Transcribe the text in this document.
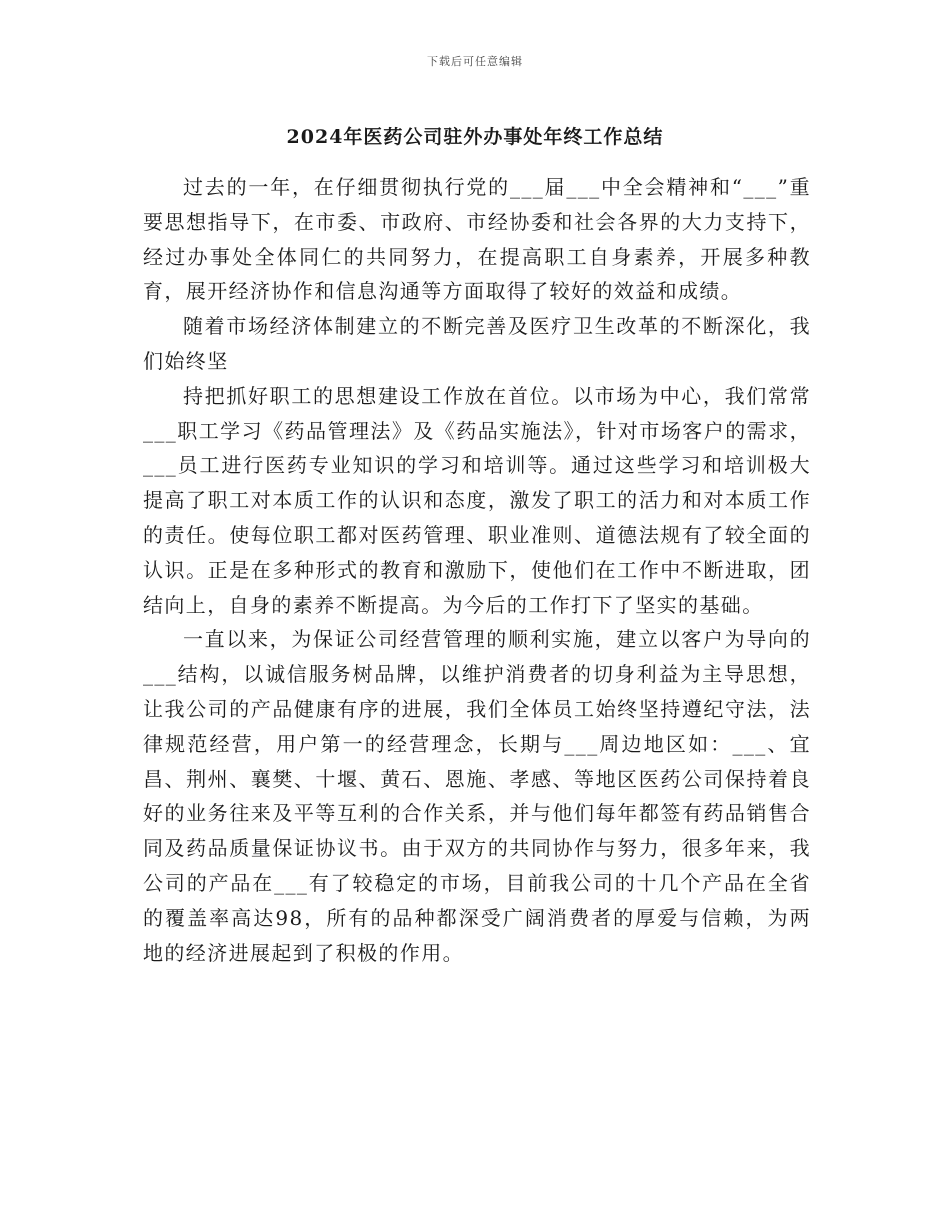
下载后可任意编辑
2024年医药公司驻外办事处年终工作总结

过去的一年，在仔细贯彻执行党的___届___中全会精神和“___”重要思想指导下，在市委、市政府、市经协委和社会各界的大力支持下，经过办事处全体同仁的共同努力，在提高职工自身素养，开展多种教育，展开经济协作和信息沟通等方面取得了较好的效益和成绩。

随着市场经济体制建立的不断完善及医疗卫生改革的不断深化，我们始终坚

持把抓好职工的思想建设工作放在首位。以市场为中心，我们常常___职工学习《药品管理法》及《药品实施法》，针对市场客户的需求，___员工进行医药专业知识的学习和培训等。通过这些学习和培训极大提高了职工对本质工作的认识和态度，激发了职工的活力和对本质工作的责任。使每位职工都对医药管理、职业准则、道德法规有了较全面的认识。正是在多种形式的教育和激励下，使他们在工作中不断进取，团结向上，自身的素养不断提高。为今后的工作打下了坚实的基础。

一直以来，为保证公司经营管理的顺利实施，建立以客户为导向的___结构，以诚信服务树品牌，以维护消费者的切身利益为主导思想，让我公司的产品健康有序的进展，我们全体员工始终坚持遵纪守法，法律规范经营，用户第一的经营理念，长期与___周边地区如：___、宜昌、荆州、襄樊、十堰、黄石、恩施、孝感、等地区医药公司保持着良好的业务往来及平等互利的合作关系，并与他们每年都签有药品销售合同及药品质量保证协议书。由于双方的共同协作与努力，很多年来，我公司的产品在___有了较稳定的市场，目前我公司的十几个产品在全省的覆盖率高达98，所有的品种都深受广阔消费者的厚爱与信赖，为两地的经济进展起到了积极的作用。
